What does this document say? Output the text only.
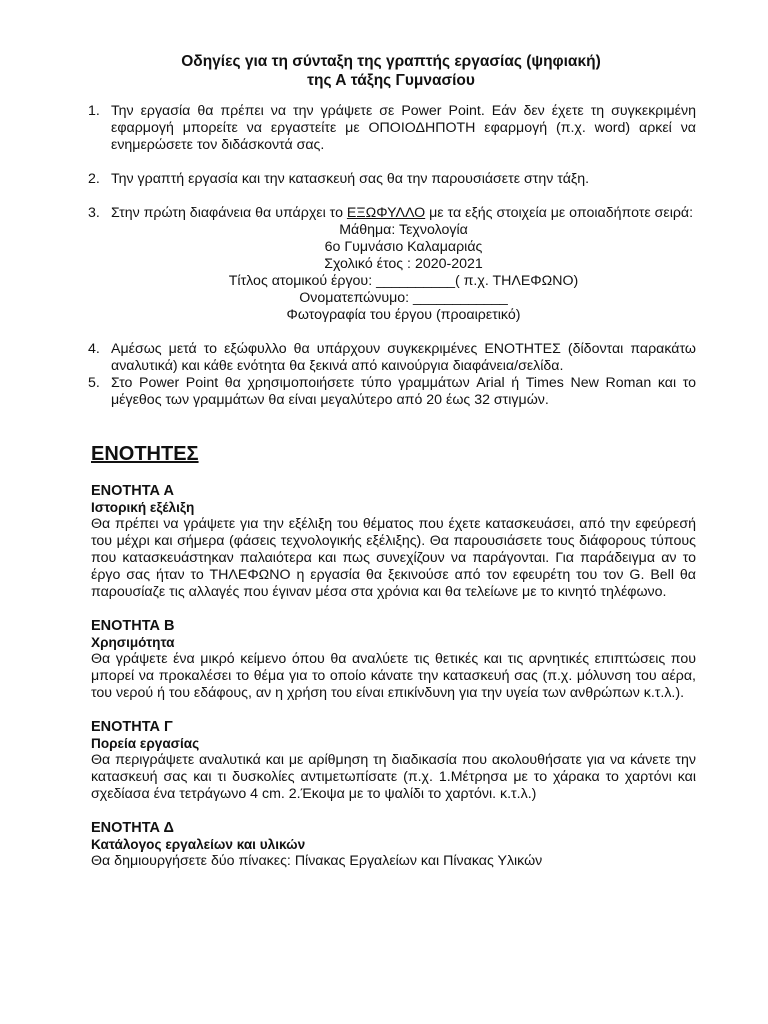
Οδηγίες για τη σύνταξη της γραπτής εργασίας (ψηφιακή)
της Α τάξης Γυμνασίου
1. Την εργασία θα πρέπει να την γράψετε σε Power Point. Εάν δεν έχετε τη συγκεκριμένη εφαρμογή μπορείτε να εργαστείτε με ΟΠΟΙΟΔΗΠΟΤΗ εφαρμογή (π.χ. word) αρκεί να ενημερώσετε τον διδάσκοντά σας.
2. Την γραπτή εργασία και την κατασκευή σας θα την παρουσιάσετε στην τάξη.
3. Στην πρώτη διαφάνεια θα υπάρχει το ΕΞΩΦΥΛΛΟ με τα εξής στοιχεία με οποιαδήποτε σειρά:
Μάθημα: Τεχνολογία
6ο Γυμνάσιο Καλαμαριάς
Σχολικό έτος : 2020-2021
Τίτλος ατομικού έργου: __________( π.χ. ΤΗΛΕΦΩΝΟ)
Ονοματεπώνυμο: ____________
Φωτογραφία του έργου (προαιρετικό)
4. Αμέσως μετά το εξώφυλλο θα υπάρχουν συγκεκριμένες ΕΝΟΤΗΤΕΣ (δίδονται παρακάτω αναλυτικά) και κάθε ενότητα θα ξεκινά από καινούργια διαφάνεια/σελίδα.
5. Στο Power Point θα χρησιμοποιήσετε τύπο γραμμάτων Arial ή Times New Roman και το μέγεθος των γραμμάτων θα είναι μεγαλύτερο από 20 έως 32 στιγμών.
ΕΝΟΤΗΤΕΣ
ΕΝΟΤΗΤΑ Α
Ιστορική εξέλιξη
Θα πρέπει να γράψετε για την εξέλιξη του θέματος που έχετε κατασκευάσει, από την εφεύρεσή του μέχρι και σήμερα (φάσεις τεχνολογικής εξέλιξης). Θα παρουσιάσετε τους διάφορους τύπους που κατασκευάστηκαν παλαιότερα και πως συνεχίζουν να παράγονται. Για παράδειγμα αν το έργο σας ήταν το ΤΗΛΕΦΩΝΟ η εργασία θα ξεκινούσε από τον εφευρέτη του τον G. Bell θα παρουσίαζε τις αλλαγές που έγιναν μέσα στα χρόνια και θα τελείωνε με το κινητό τηλέφωνο.
ΕΝΟΤΗΤΑ Β
Χρησιμότητα
Θα γράψετε ένα μικρό κείμενο όπου θα αναλύετε τις θετικές και τις αρνητικές επιπτώσεις που μπορεί να προκαλέσει το θέμα για το οποίο κάνατε την κατασκευή σας (π.χ. μόλυνση του αέρα, του νερού ή του εδάφους, αν η χρήση του είναι επικίνδυνη για την υγεία των ανθρώπων κ.τ.λ.).
ΕΝΟΤΗΤΑ Γ
Πορεία εργασίας
Θα περιγράψετε αναλυτικά και με αρίθμηση τη διαδικασία που ακολουθήσατε για να κάνετε την κατασκευή σας και τι δυσκολίες αντιμετωπίσατε (π.χ. 1.Μέτρησα με το χάρακα το χαρτόνι και σχεδίασα ένα τετράγωνο 4 cm. 2.Έκοψα με το ψαλίδι το χαρτόνι. κ.τ.λ.)
ΕΝΟΤΗΤΑ Δ
Κατάλογος εργαλείων και υλικών
Θα δημιουργήσετε δύο πίνακες: Πίνακας Εργαλείων και Πίνακας Υλικών
